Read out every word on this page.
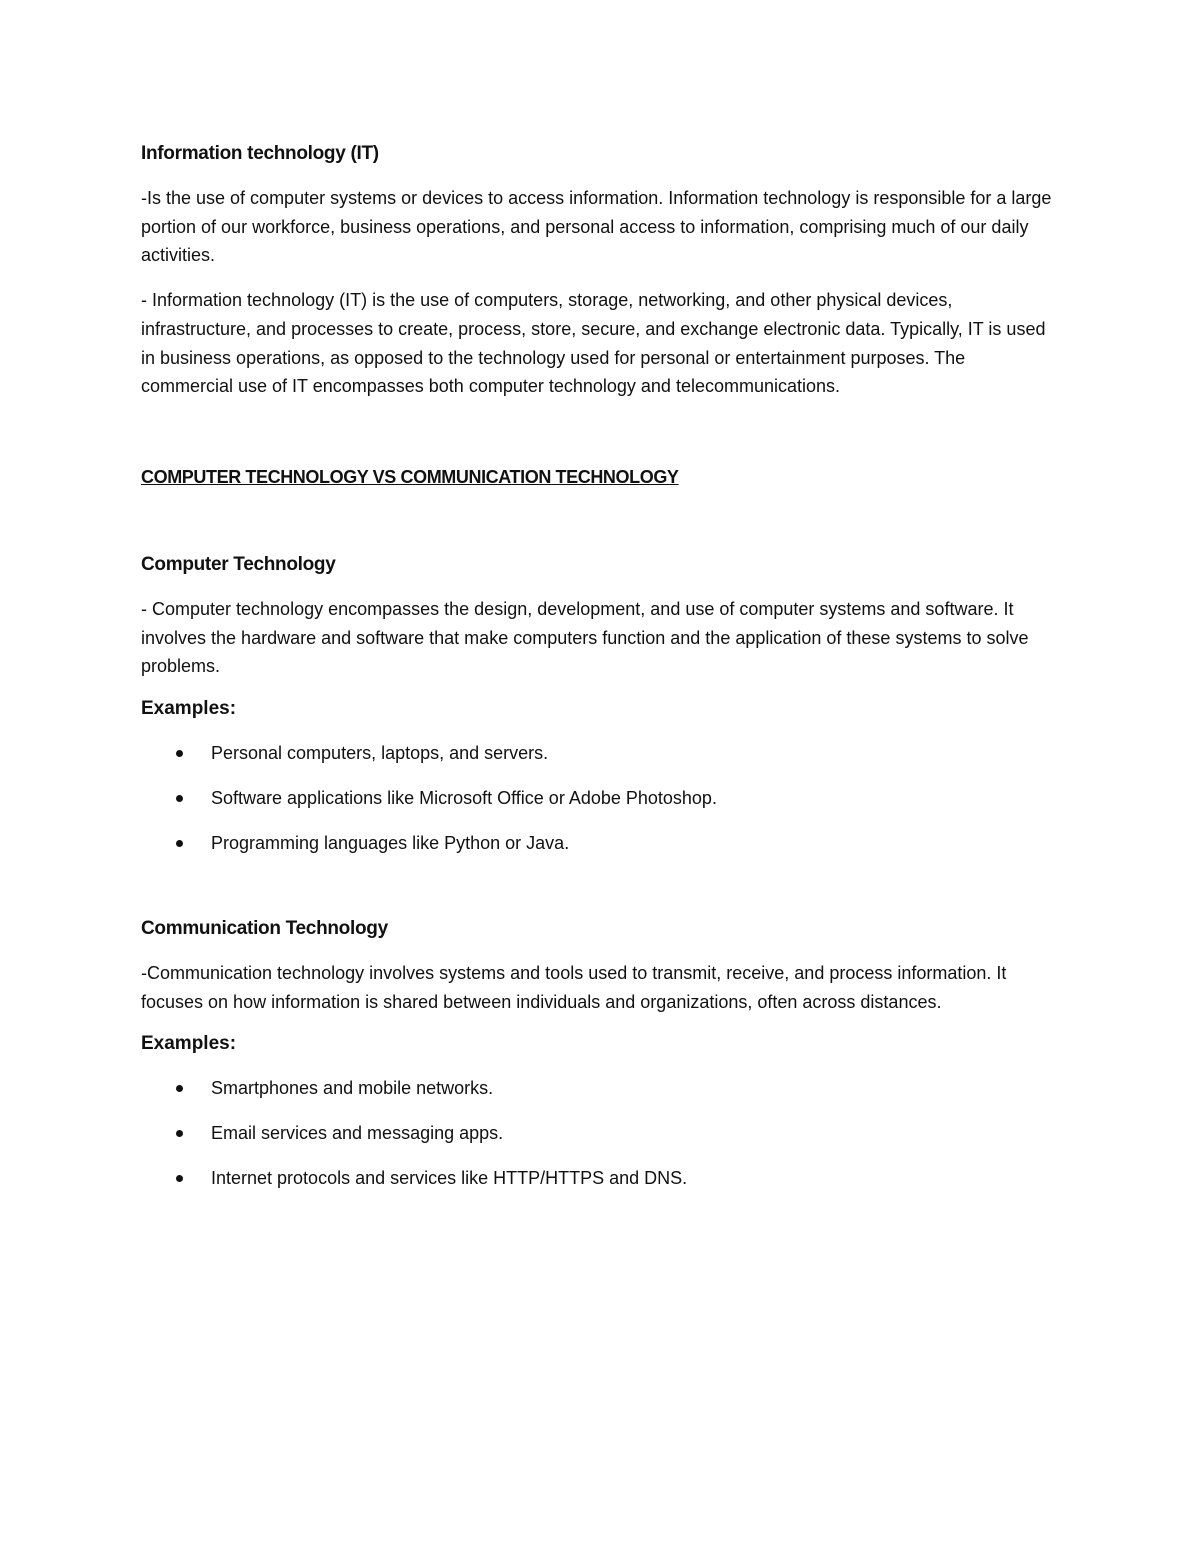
Information technology (IT)

-Is the use of computer systems or devices to access information. Information technology is responsible for a large portion of our workforce, business operations, and personal access to information, comprising much of our daily activities.

- Information technology (IT) is the use of computers, storage, networking, and other physical devices, infrastructure, and processes to create, process, store, secure, and exchange electronic data. Typically, IT is used in business operations, as opposed to the technology used for personal or entertainment purposes. The commercial use of IT encompasses both computer technology and telecommunications.

COMPUTER TECHNOLOGY VS COMMUNICATION TECHNOLOGY

Computer Technology

- Computer technology encompasses the design, development, and use of computer systems and software. It involves the hardware and software that make computers function and the application of these systems to solve problems.

Examples:

Personal computers, laptops, and servers.
Software applications like Microsoft Office or Adobe Photoshop.
Programming languages like Python or Java.

Communication Technology

-Communication technology involves systems and tools used to transmit, receive, and process information. It focuses on how information is shared between individuals and organizations, often across distances.

Examples:

Smartphones and mobile networks.
Email services and messaging apps.
Internet protocols and services like HTTP/HTTPS and DNS.
